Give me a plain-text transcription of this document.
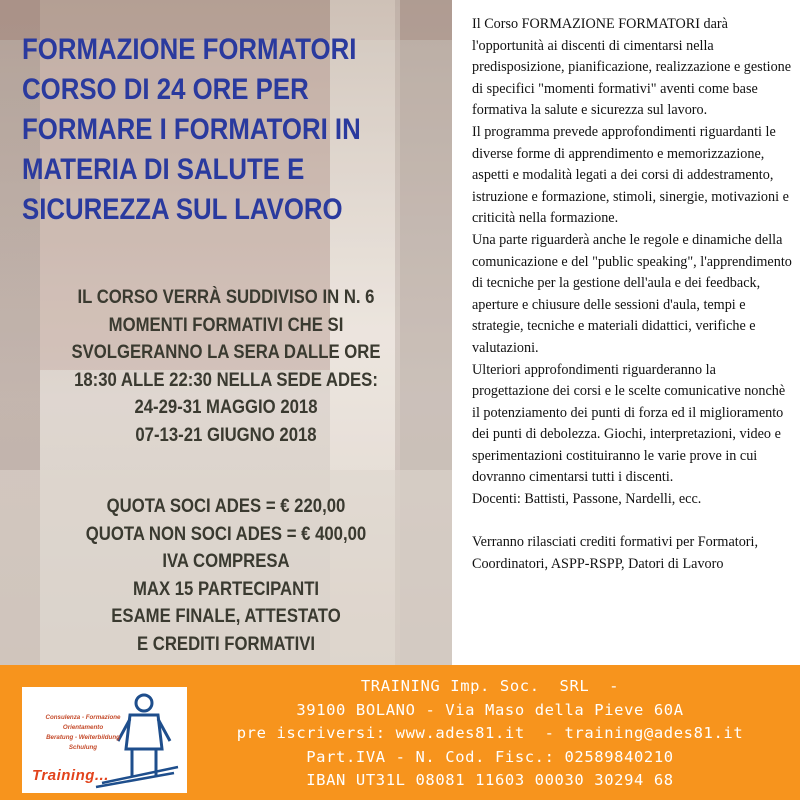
FORMAZIONE FORMATORI
CORSO DI 24 ORE PER
FORMARE I FORMATORI IN
MATERIA DI SALUTE E
SICUREZZA SUL LAVORO
IL CORSO VERRÀ SUDDIVISO IN N. 6
MOMENTI FORMATIVI CHE SI
SVOLGERANNO LA SERA DALLE ORE
18:30 ALLE 22:30 NELLA SEDE ADES:
24-29-31 MAGGIO 2018
07-13-21 GIUGNO 2018
QUOTA SOCI ADES = € 220,00
QUOTA NON SOCI ADES = € 400,00
IVA COMPRESA
MAX 15 PARTECIPANTI
ESAME FINALE, ATTESTATO
E CREDITI FORMATIVI

Il Corso FORMAZIONE FORMATORI darà l'opportunità ai discenti di cimentarsi nella predisposizione, pianificazione, realizzazione e gestione di specifici "momenti formativi" aventi come base formativa la salute e sicurezza sul lavoro.

Il programma prevede approfondimenti riguardanti le diverse forme di apprendimento e memorizzazione, aspetti e modalità legati a dei corsi di addestramento, istruzione e formazione, stimoli, sinergie, motivazioni e criticità nella formazione.

Una parte riguarderà anche le regole e dinamiche della comunicazione e del "public speaking", l'apprendimento di tecniche per la gestione dell'aula e dei feedback, aperture e chiusure delle sessioni d'aula, tempi e strategie, tecniche e materiali didattici, verifiche e valutazioni.

Ulteriori approfondimenti riguarderanno la progettazione dei corsi e le scelte comunicative nonchè il potenziamento dei punti di forza ed il miglioramento dei punti di debolezza. Giochi, interpretazioni, video e sperimentazioni costituiranno le varie prove in cui dovranno cimentarsi tutti i discenti.

Docenti: Battisti, Passone, Nardelli, ecc.

Verranno rilasciati crediti formativi per Formatori, Coordinatori, ASPP-RSPP, Datori di Lavoro

Consulenza - Formazione
Orientamento
Beratung - Weiterbildung
Schulung
Training...
TRAINING Imp. Soc.  SRL  -
39100 BOLANO - Via Maso della Pieve 60A
pre iscriversi: www.ades81.it  - training@ades81.it
Part.IVA - N. Cod. Fisc.: 02589840210
IBAN UT31L 08081 11603 00030 30294 68
